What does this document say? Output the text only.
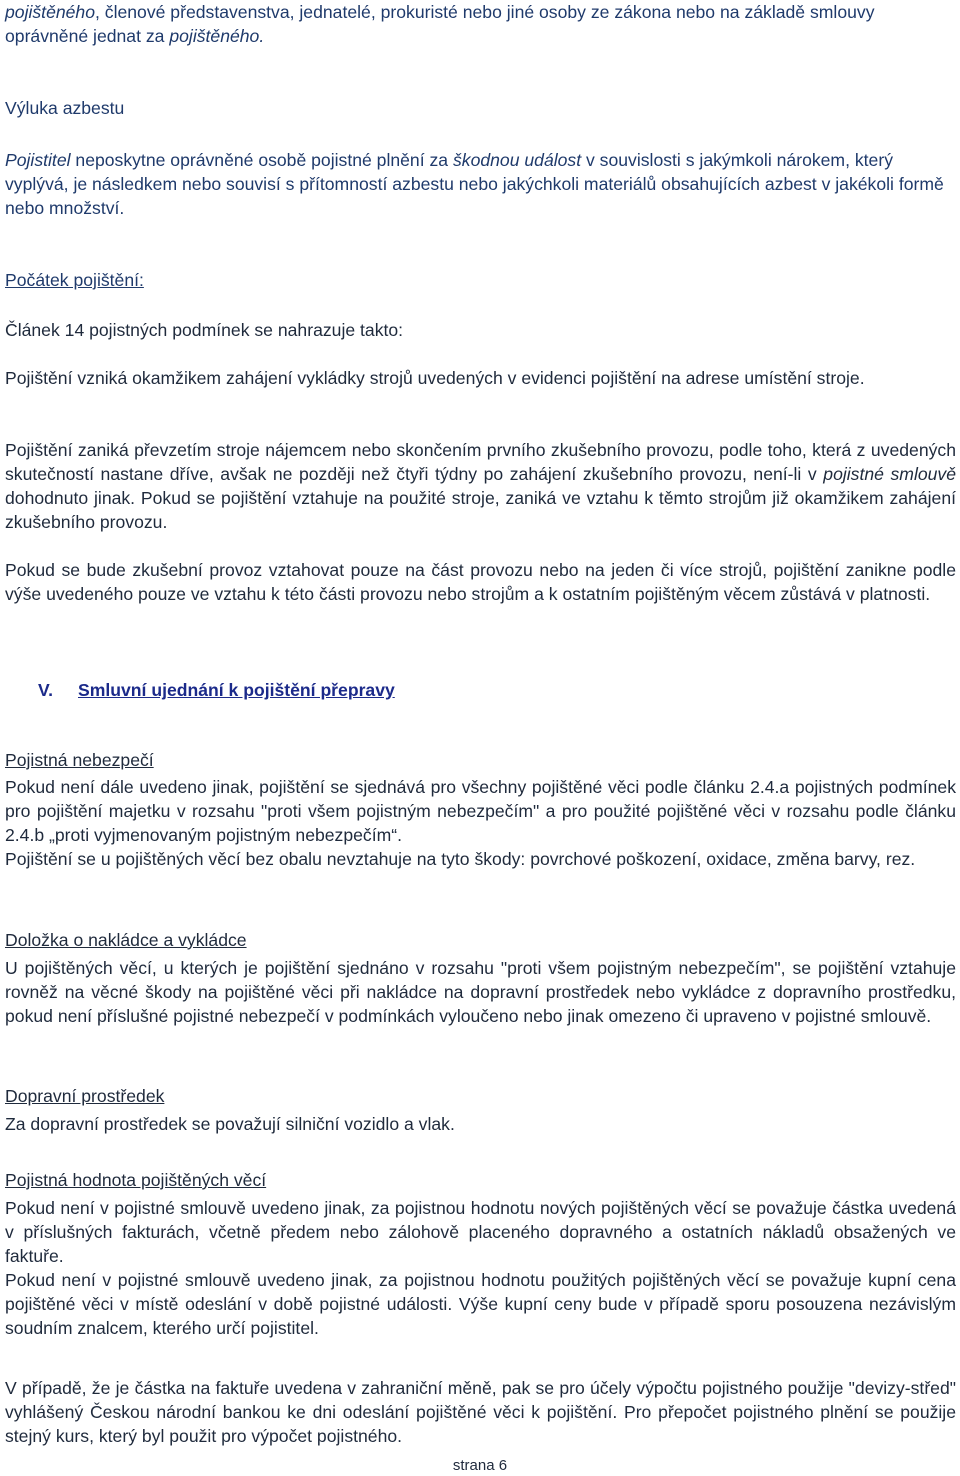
pojištěného, členové představenstva, jednatelé, prokuristé nebo jiné osoby ze zákona nebo na základě smlouvy oprávněné jednat za pojištěného.

Výluka azbestu

Pojistitel neposkytne oprávněné osobě pojistné plnění za škodnou událost v souvislosti s jakýmkoli nárokem, který vyplývá, je následkem nebo souvisí s přítomností azbestu nebo jakýchkoli materiálů obsahujících azbest v jakékoli formě nebo množství.

Počátek pojištění:

Článek 14 pojistných podmínek se nahrazuje takto:

Pojištění vzniká okamžikem zahájení vykládky strojů uvedených v evidenci pojištění na adrese umístění stroje.

Pojištění zaniká převzetím stroje nájemcem nebo skončením prvního zkušebního provozu, podle toho, která z uvedených skutečností nastane dříve, avšak ne později než čtyři týdny po zahájení zkušebního provozu, není-li v pojistné smlouvě dohodnuto jinak. Pokud se pojištění vztahuje na použité stroje, zaniká ve vztahu k těmto strojům již okamžikem zahájení zkušebního provozu.

Pokud se bude zkušební provoz vztahovat pouze na část provozu nebo na jeden či více strojů, pojištění zanikne podle výše uvedeného pouze ve vztahu k této části provozu nebo strojům a k ostatním pojištěným věcem zůstává v platnosti.

V. Smluvní ujednání k pojištění přepravy

Pojistná nebezpečí

Pokud není dále uvedeno jinak, pojištění se sjednává pro všechny pojištěné věci podle článku 2.4.a pojistných podmínek pro pojištění majetku v rozsahu "proti všem pojistným nebezpečím" a pro použité pojištěné věci v rozsahu podle článku 2.4.b „proti vyjmenovaným pojistným nebezpečím“.

Pojištění se u pojištěných věcí bez obalu nevztahuje na tyto škody: povrchové poškození, oxidace, změna barvy, rez.

Doložka o nakládce a vykládce

U pojištěných věcí, u kterých je pojištění sjednáno v rozsahu "proti všem pojistným nebezpečím", se pojištění vztahuje rovněž na věcné škody na pojištěné věci při nakládce na dopravní prostředek nebo vykládce z dopravního prostředku, pokud není příslušné pojistné nebezpečí v podmínkách vyloučeno nebo jinak omezeno či upraveno v pojistné smlouvě.

Dopravní prostředek

Za dopravní prostředek se považují silniční vozidlo a vlak.

Pojistná hodnota pojištěných věcí

Pokud není v pojistné smlouvě uvedeno jinak, za pojistnou hodnotu nových pojištěných věcí se považuje částka uvedená v příslušných fakturách, včetně předem nebo zálohově placeného dopravného a ostatních nákladů obsažených ve faktuře.

Pokud není v pojistné smlouvě uvedeno jinak, za pojistnou hodnotu použitých pojištěných věcí se považuje kupní cena pojištěné věci v místě odeslání v době pojistné události. Výše kupní ceny bude v případě sporu posouzena nezávislým soudním znalcem, kterého určí pojistitel.

V případě, že je částka na faktuře uvedena v zahraniční měně, pak se pro účely výpočtu pojistného použije "devizy-střed" vyhlášený Českou národní bankou ke dni odeslání pojištěné věci k pojištění. Pro přepočet pojistného plnění se použije stejný kurs, který byl použit pro výpočet pojistného.

strana 6
